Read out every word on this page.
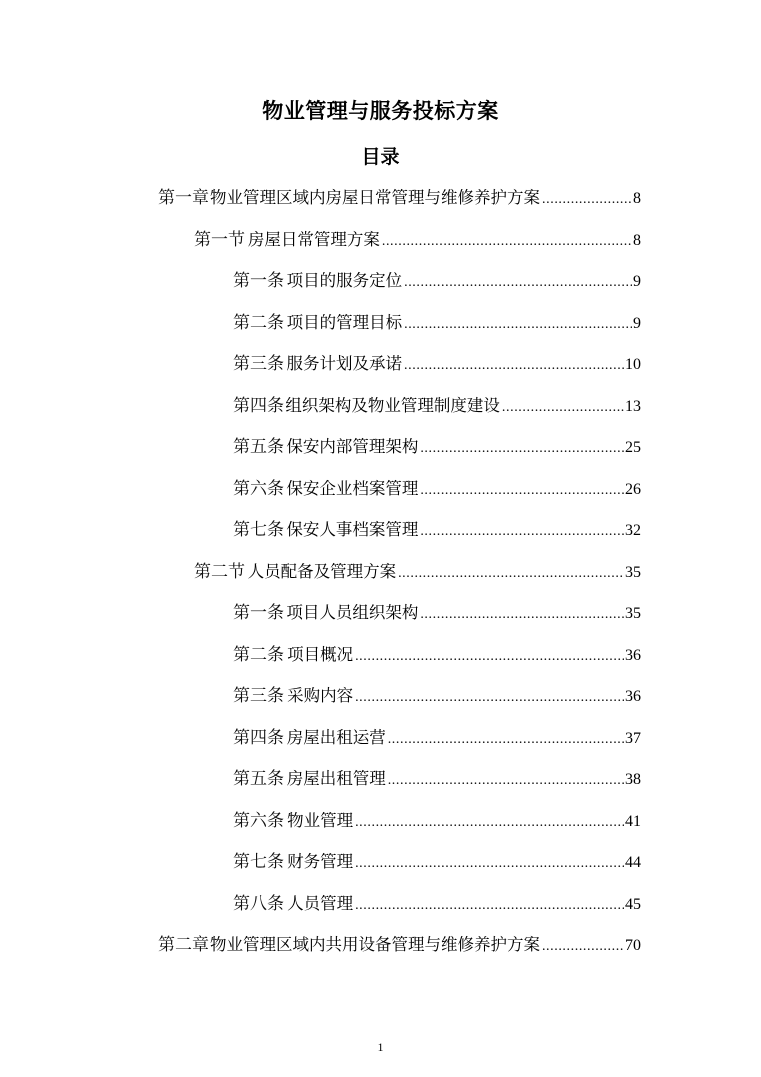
物业管理与服务投标方案
目录
第一章 物业管理区域内房屋日常管理与维修养护方案 .....	8
第一节 房屋日常管理方案 .....	8
第一条 项目的服务定位 .....	9
第二条 项目的管理目标 .....	9
第三条 服务计划及承诺 .....	10
第四条 组织架构及物业管理制度建设 .....	13
第五条 保安内部管理架构 .....	25
第六条 保安企业档案管理 .....	26
第七条 保安人事档案管理 .....	32
第二节 人员配备及管理方案 .....	35
第一条 项目人员组织架构 .....	35
第二条 项目概况 .....	36
第三条 采购内容 .....	36
第四条 房屋出租运营 .....	37
第五条 房屋出租管理 .....	38
第六条 物业管理 .....	41
第七条 财务管理 .....	44
第八条 人员管理 .....	45
第二章 物业管理区域内共用设备管理与维修养护方案 .....	70
1
